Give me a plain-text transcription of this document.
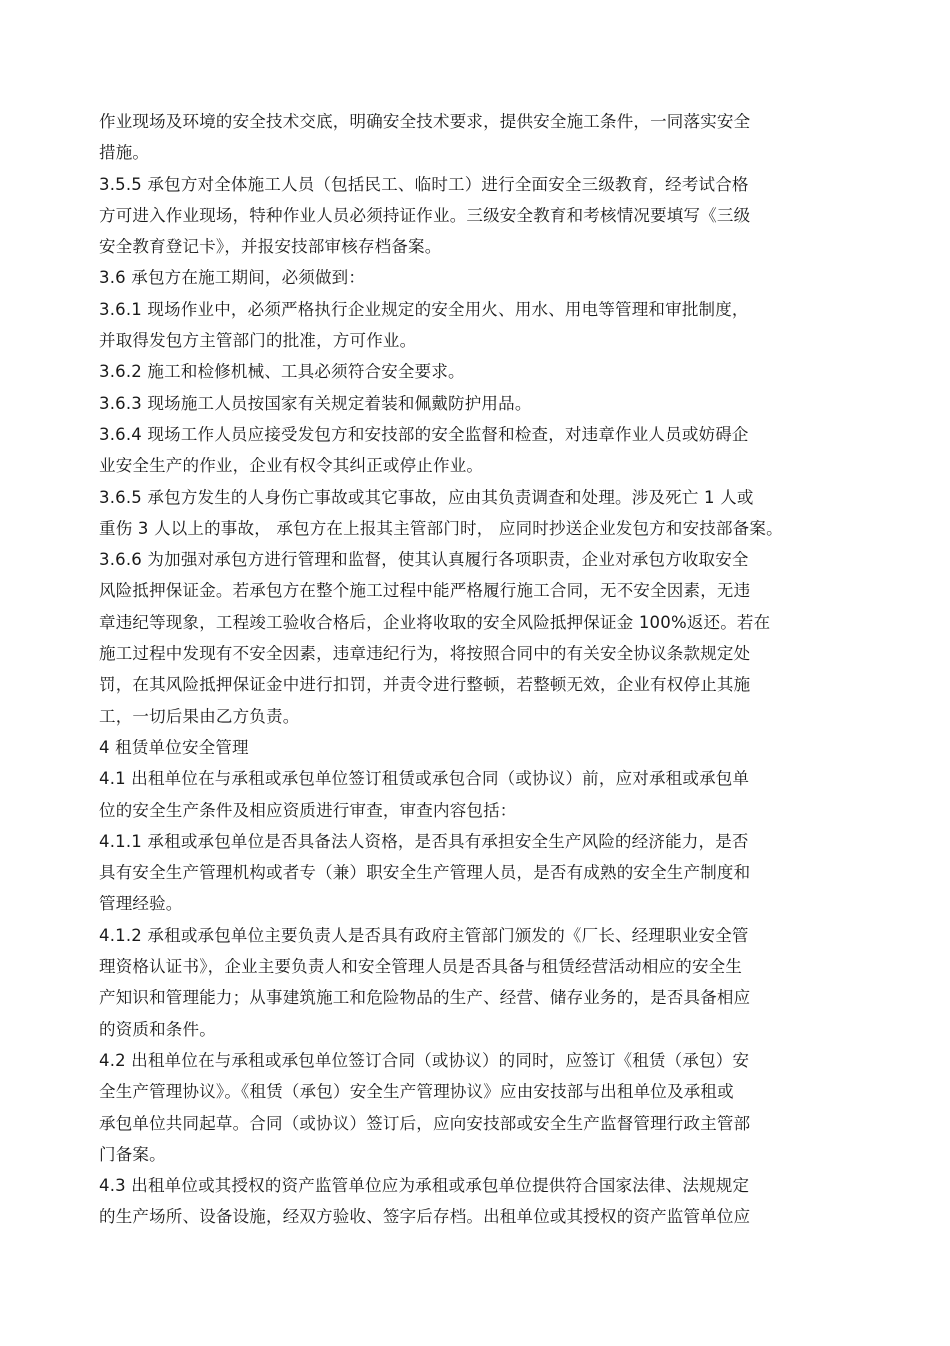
作业现场及环境的安全技术交底，明确安全技术要求，提供安全施工条件，一同落实安全
措施。
3.5.5 承包方对全体施工人员（包括民工、临时工）进行全面安全三级教育，经考试合格
方可进入作业现场，特种作业人员必须持证作业。三级安全教育和考核情况要填写《三级
安全教育登记卡》，并报安技部审核存档备案。
3.6 承包方在施工期间，必须做到：
3.6.1 现场作业中，必须严格执行企业规定的安全用火、用水、用电等管理和审批制度，
并取得发包方主管部门的批准，方可作业。
3.6.2 施工和检修机械、工具必须符合安全要求。
3.6.3 现场施工人员按国家有关规定着装和佩戴防护用品。
3.6.4 现场工作人员应接受发包方和安技部的安全监督和检查，对违章作业人员或妨碍企
业安全生产的作业，企业有权令其纠正或停止作业。
3.6.5 承包方发生的人身伤亡事故或其它事故，应由其负责调查和处理。涉及死亡 1 人或
重伤 3 人以上的事故， 承包方在上报其主管部门时， 应同时抄送企业发包方和安技部备案。
3.6.6 为加强对承包方进行管理和监督，使其认真履行各项职责，企业对承包方收取安全
风险抵押保证金。若承包方在整个施工过程中能严格履行施工合同，无不安全因素，无违
章违纪等现象，工程竣工验收合格后，企业将收取的安全风险抵押保证金 100%返还。若在
施工过程中发现有不安全因素，违章违纪行为，将按照合同中的有关安全协议条款规定处
罚，在其风险抵押保证金中进行扣罚，并责令进行整顿，若整顿无效，企业有权停止其施
工，一切后果由乙方负责。
4 租赁单位安全管理
4.1 出租单位在与承租或承包单位签订租赁或承包合同（或协议）前，应对承租或承包单
位的安全生产条件及相应资质进行审查，审查内容包括：
4.1.1 承租或承包单位是否具备法人资格，是否具有承担安全生产风险的经济能力，是否
具有安全生产管理机构或者专（兼）职安全生产管理人员，是否有成熟的安全生产制度和
管理经验。
4.1.2 承租或承包单位主要负责人是否具有政府主管部门颁发的《厂长、经理职业安全管
理资格认证书》，企业主要负责人和安全管理人员是否具备与租赁经营活动相应的安全生
产知识和管理能力；从事建筑施工和危险物品的生产、经营、储存业务的，是否具备相应
的资质和条件。
4.2 出租单位在与承租或承包单位签订合同（或协议）的同时，应签订《租赁（承包）安
全生产管理协议》。《租赁（承包）安全生产管理协议》应由安技部与出租单位及承租或
承包单位共同起草。合同（或协议）签订后，应向安技部或安全生产监督管理行政主管部
门备案。
4.3 出租单位或其授权的资产监管单位应为承租或承包单位提供符合国家法律、法规规定
的生产场所、设备设施，经双方验收、签字后存档。出租单位或其授权的资产监管单位应
